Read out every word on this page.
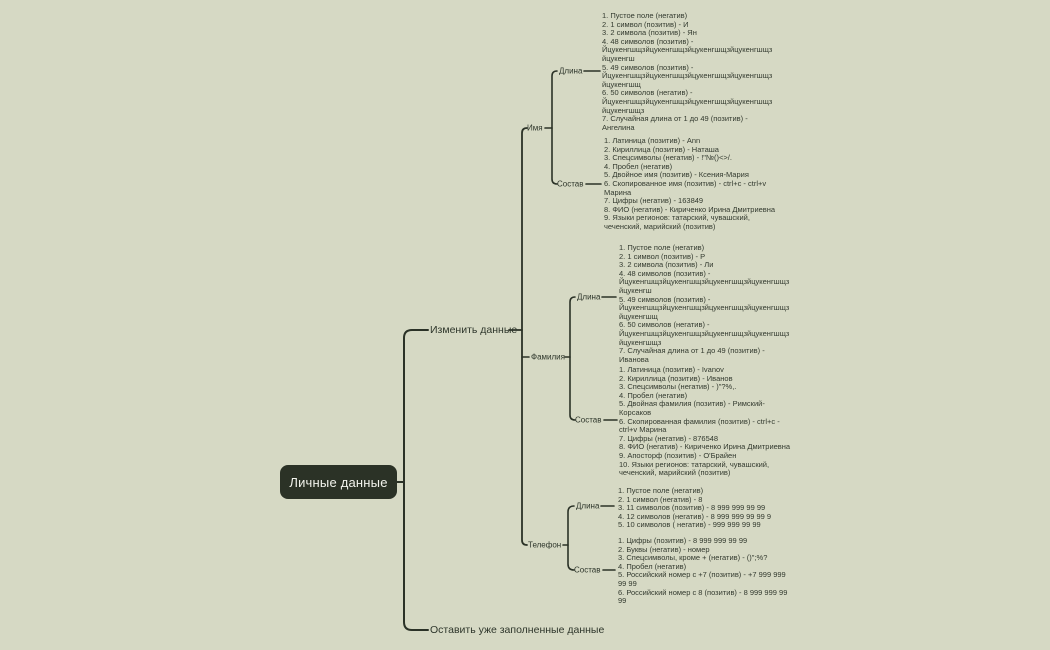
Личные данные
Изменить данные
Оставить уже заполненные данные
Имя
Длина
Состав
1. Пустое поле (негатив)
2. 1 символ (позитив) - И
3. 2 символа (позитив) - Ян
4. 48 символов (позитив) - Йцукенгшщзйцукенгшщзйцукенгшщзйцукенгшщзйцукенгш
5. 49 символов (позитив) - Йцукенгшщзйцукенгшщзйцукенгшщзйцукенгшщзйцукенгшщ
6. 50 символов (негатив) - Йцукенгшщзйцукенгшщзйцукенгшщзйцукенгшщзйцукенгшщз
7. Случайная длина от 1 до 49 (позитив) - Ангелина
1. Латиница (позитив) - Ann
2. Кириллица (позитив) - Наташа
3. Спецсимволы (негатив) - !"№()<>/.
4. Пробел (негатив)
5. Двойное имя (позитив) - Ксения-Мария
6. Скопированное имя (позитив) - ctrl+c - ctrl+v Марина
7. Цифры (негатив) - 163849
8. ФИО (негатив) - Кириченко Ирина Дмитриевна
9. Языки регионов: татарский, чувашский, чеченский, марийский (позитив)
Фамилия
Длина
Состав
1. Пустое поле (негатив)
2. 1 символ (позитив) - Р
3. 2 символа (позитив) - Ли
4. 48 символов (позитив) - Йцукенгшщзйцукенгшщзйцукенгшщзйцукенгшщзйцукенгш
5. 49 символов (позитив) - Йцукенгшщзйцукенгшщзйцукенгшщзйцукенгшщзйцукенгшщ
6. 50 символов (негатив) - Йцукенгшщзйцукенгшщзйцукенгшщзйцукенгшщзйцукенгшщз
7. Случайная длина от 1 до 49 (позитив) - Иванова
1. Латиница (позитив) - Ivanov
2. Кириллица (позитив) - Иванов
3. Спецсимволы (негатив) - )"?%,.
4. Пробел (негатив)
5. Двойная фамилия (позитив) - Римский-Корсаков
6. Скопированная фамилия (позитив) - ctrl+c - ctrl+v Марина
7. Цифры (негатив) - 876548
8. ФИО (негатив) - Кириченко Ирина Дмитриевна
9. Апосторф (позитив) - О'Брайен
10. Языки регионов: татарский, чувашский, чеченский, марийский (позитив)
Телефон
Длина
Состав
1. Пустое поле (негатив)
2. 1 символ (негатив) - 8
3. 11 символов (позитив) - 8 999 999 99 99
4. 12 символов (негатив) - 8 999 999 99 99 9
5. 10 символов ( негатив) - 999 999 99 99
1. Цифры (позитив) - 8 999 999 99 99
2. Буквы (негатив) - номер
3. Спецсимволы, кроме + (негатив) - ()";%?
4. Пробел (негатив)
5. Российский номер с +7 (позитив) - +7 999 999 99 99
6. Российский номер с 8 (позитив) - 8 999 999 99 99
